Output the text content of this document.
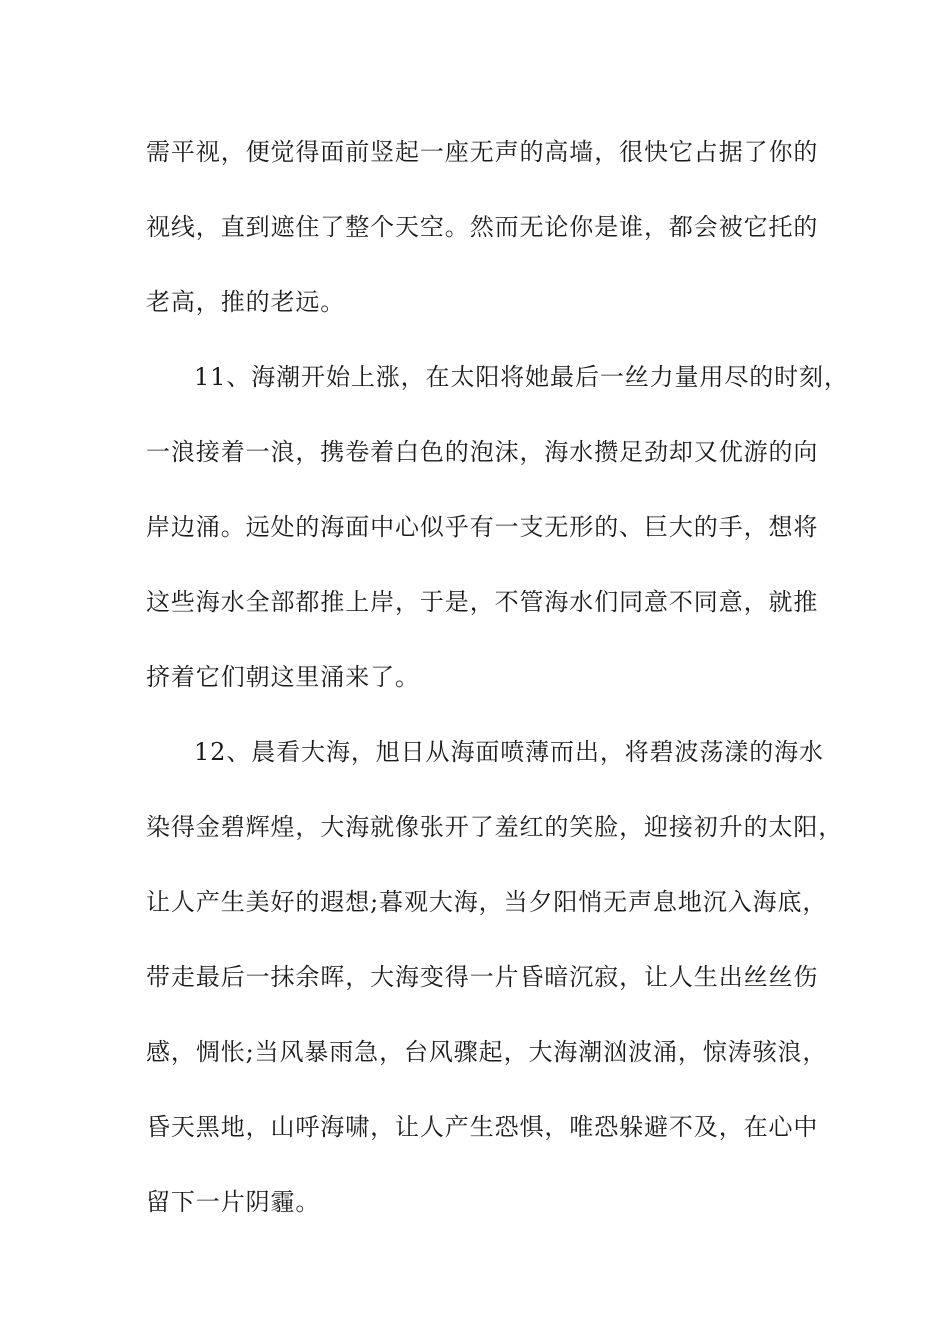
需平视，便觉得面前竖起一座无声的高墙，很快它占据了你的
视线，直到遮住了整个天空。然而无论你是谁，都会被它托的
老高，推的老远。
11、海潮开始上涨，在太阳将她最后一丝力量用尽的时刻，
一浪接着一浪，携卷着白色的泡沫，海水攒足劲却又优游的向
岸边涌。远处的海面中心似乎有一支无形的、巨大的手，想将
这些海水全部都推上岸，于是，不管海水们同意不同意，就推
挤着它们朝这里涌来了。
12、晨看大海，旭日从海面喷薄而出，将碧波荡漾的海水
染得金碧辉煌，大海就像张开了羞红的笑脸，迎接初升的太阳，
让人产生美好的遐想;暮观大海，当夕阳悄无声息地沉入海底，
带走最后一抹余晖，大海变得一片昏暗沉寂，让人生出丝丝伤
感，惆怅;当风暴雨急，台风骤起，大海潮汹波涌，惊涛骇浪，
昏天黑地，山呼海啸，让人产生恐惧，唯恐躲避不及，在心中
留下一片阴霾。
